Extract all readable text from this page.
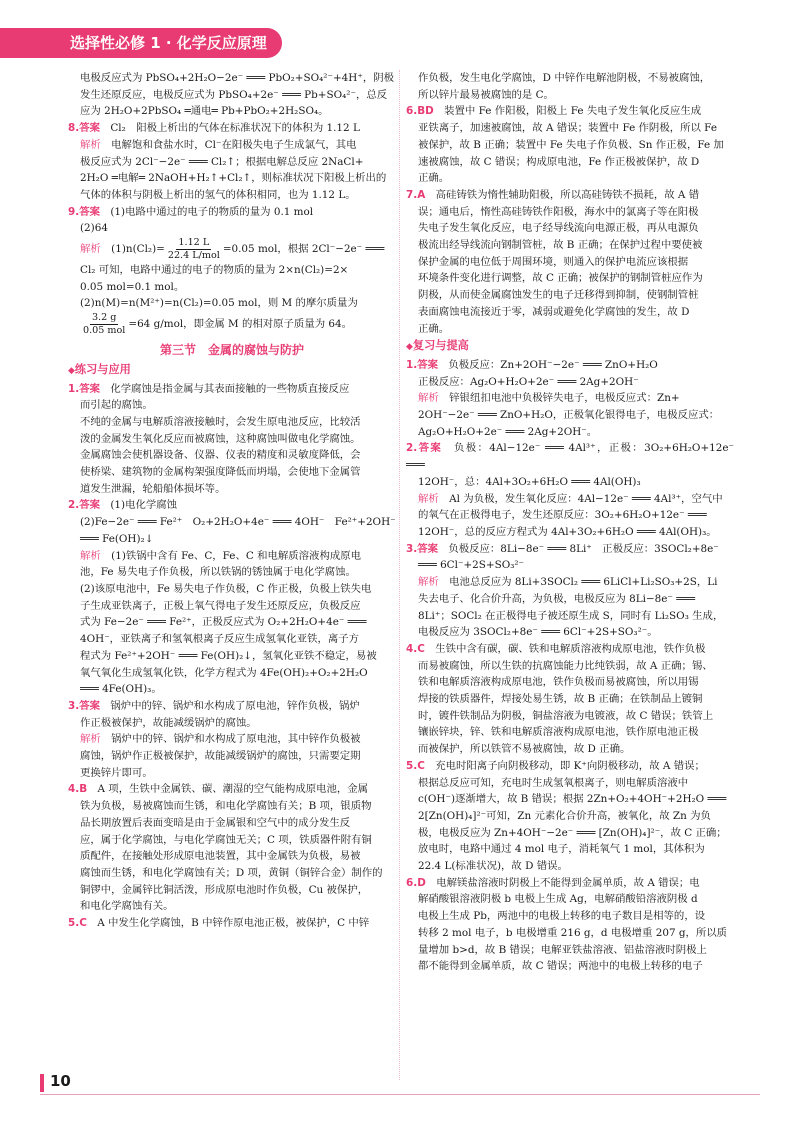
选择性必修 1 · 化学反应原理

电极反应式为 PbSO₄+2H₂O−2e⁻ ═══ PbO₂+SO₄²⁻+4H⁺，阴极

发生还原反应，电极反应式为 PbSO₄+2e⁻ ═══ Pb+SO₄²⁻，总反

应为 2H₂O+2PbSO₄ ═通电═ Pb+PbO₂+2H₂SO₄。

8.答案　 Cl₂　阳极上析出的气体在标准状况下的体积为 1.12 L

解析　 电解饱和食盐水时，Cl⁻在阳极失电子生成氯气，其电

极反应式为 2Cl⁻−2e⁻ ═══ Cl₂↑；根据电解总反应 2NaCl+

2H₂O ═电解═ 2NaOH+H₂↑+Cl₂↑，则标准状况下阳极上析出的

气体的体积与阴极上析出的氢气的体积相同，也为 1.12 L。

9.答案　 (1)电路中通过的电子的物质的量为 0.1 mol

(2)64

解析
　 $(1)n(Cl_2)= \frac{1.12 L}{\text{22.4 L/mol}} =0.05$ mol，根据 2Cl⁻−2e⁻ ═══

Cl₂ 可知，电路中通过的电子的物质的量为 2×n(Cl₂)=2×

0.05 mol=0.1 mol。

(2)n(M)=n(M²⁺)=n(Cl₂)=0.05 mol，则 M 的摩尔质量为

$\frac{3.2 g}{\text{0.05 mol}} =64$ g/mol，即金属 M 的相对原子质量为 64。
第三节　金属的腐蚀与防护
◆练习与应用

1.答案　 化学腐蚀是指金属与其表面接触的一些物质直接反应

而引起的腐蚀。

不纯的金属与电解质溶液接触时，会发生原电池反应，比较活

泼的金属发生氧化反应而被腐蚀，这种腐蚀叫做电化学腐蚀。

金属腐蚀会使机器设备、仪器、仪表的精度和灵敏度降低，会

使桥梁、建筑物的金属构架强度降低而坍塌，会使地下金属管

道发生泄漏，轮船船体损坏等。

2.答案　 (1)电化学腐蚀

(2)Fe−2e⁻ ═══ Fe²⁺　O₂+2H₂O+4e⁻ ═══ 4OH⁻　Fe²⁺+2OH⁻

═══ Fe(OH)₂↓

解析　 (1)铁锅中含有 Fe、C，Fe、C 和电解质溶液构成原电

池，Fe 易失电子作负极，所以铁锅的锈蚀属于电化学腐蚀。

(2)该原电池中，Fe 易失电子作负极，C 作正极，负极上铁失电

子生成亚铁离子，正极上氧气得电子发生还原反应，负极反应

式为 Fe−2e⁻ ═══ Fe²⁺，正极反应式为 O₂+2H₂O+4e⁻ ═══

4OH⁻，亚铁离子和氢氧根离子反应生成氢氧化亚铁，离子方

程式为 Fe²⁺+2OH⁻ ═══ Fe(OH)₂↓，氢氧化亚铁不稳定，易被

氧气氧化生成氢氧化铁，化学方程式为 4Fe(OH)₂+O₂+2H₂O

═══ 4Fe(OH)₃。

3.答案　 锅炉中的锌、锅炉和水构成了原电池，锌作负极，锅炉

作正极被保护，故能减缓锅炉的腐蚀。

解析　 锅炉中的锌、锅炉和水构成了原电池，其中锌作负极被

腐蚀，锅炉作正极被保护，故能减缓锅炉的腐蚀，只需要定期

更换锌片即可。

4.B　 A 项，生铁中金属铁、碳、潮湿的空气能构成原电池，金属

铁为负极，易被腐蚀而生锈，和电化学腐蚀有关；B 项，银质物

品长期放置后表面变暗是由于金属银和空气中的成分发生反

应，属于化学腐蚀，与电化学腐蚀无关；C 项，铁质器件附有铜

质配件，在接触处形成原电池装置，其中金属铁为负极，易被

腐蚀而生锈，和电化学腐蚀有关；D 项，黄铜（铜锌合金）制作的

铜锣中，金属锌比铜活泼，形成原电池时作负极，Cu 被保护，

和电化学腐蚀有关。

5.C　 A 中发生化学腐蚀，B 中锌作原电池正极，被保护，C 中锌

作负极，发生电化学腐蚀，D 中锌作电解池阴极，不易被腐蚀，

所以锌片最易被腐蚀的是 C。

6.BD　 装置中 Fe 作阳极，阳极上 Fe 失电子发生氧化反应生成

亚铁离子，加速被腐蚀，故 A 错误；装置中 Fe 作阴极，所以 Fe

被保护，故 B 正确；装置中 Fe 失电子作负极、Sn 作正极，Fe 加

速被腐蚀，故 C 错误；构成原电池，Fe 作正极被保护，故 D

正确。

7.A　 高硅铸铁为惰性辅助阳极，所以高硅铸铁不损耗，故 A 错

误；通电后，惰性高硅铸铁作阳极，海水中的氯离子等在阳极

失电子发生氧化反应，电子经导线流向电源正极，再从电源负

极流出经导线流向钢制管桩，故 B 正确；在保护过程中要使被

保护金属的电位低于周围环境，则通入的保护电流应该根据

环境条件变化进行调整，故 C 正确；被保护的钢制管桩应作为

阴极，从而使金属腐蚀发生的电子迁移得到抑制，使钢制管桩

表面腐蚀电流接近于零，减弱或避免化学腐蚀的发生，故 D

正确。

◆复习与提高

1.答案　 负极反应：Zn+2OH⁻−2e⁻ ═══ ZnO+H₂O

正极反应：Ag₂O+H₂O+2e⁻ ═══ 2Ag+2OH⁻

解析　 锌银纽扣电池中负极锌失电子，电极反应式：Zn+

2OH⁻−2e⁻ ═══ ZnO+H₂O，正极氧化银得电子，电极反应式：

Ag₂O+H₂O+2e⁻ ═══ 2Ag+2OH⁻。

2.答案　 负极：4Al−12e⁻ ═══ 4Al³⁺，正极：3O₂+6H₂O+12e⁻ ═══

12OH⁻，总：4Al+3O₂+6H₂O ═══ 4Al(OH)₃

解析　 Al 为负极，发生氧化反应：4Al−12e⁻ ═══ 4Al³⁺，空气中

的氧气在正极得电子，发生还原反应：3O₂+6H₂O+12e⁻ ═══

12OH⁻，总的反应方程式为 4Al+3O₂+6H₂O ═══ 4Al(OH)₃。

3.答案　 负极反应：8Li−8e⁻ ═══ 8Li⁺　正极反应：3SOCl₂+8e⁻

═══ 6Cl⁻+2S+SO₃²⁻

解析　 电池总反应为 8Li+3SOCl₂ ═══ 6LiCl+Li₂SO₃+2S，Li

失去电子、化合价升高，为负极，电极反应为 8Li−8e⁻ ═══

8Li⁺；SOCl₂ 在正极得电子被还原生成 S，同时有 Li₂SO₃ 生成，

电极反应为 3SOCl₂+8e⁻ ═══ 6Cl⁻+2S+SO₃²⁻。

4.C　 生铁中含有碳，碳、铁和电解质溶液构成原电池，铁作负极

而易被腐蚀，所以生铁的抗腐蚀能力比纯铁弱，故 A 正确；锡、

铁和电解质溶液构成原电池，铁作负极而易被腐蚀，所以用锡

焊接的铁质器件，焊接处易生锈，故 B 正确；在铁制品上镀铜

时，镀件铁制品为阴极，铜盐溶液为电镀液，故 C 错误；铁管上

镶嵌锌块，锌、铁和电解质溶液构成原电池，铁作原电池正极

而被保护，所以铁管不易被腐蚀，故 D 正确。

5.C　 充电时阳离子向阴极移动，即 K⁺向阴极移动，故 A 错误；

根据总反应可知，充电时生成氢氧根离子，则电解质溶液中

c(OH⁻)逐渐增大，故 B 错误；根据 2Zn+O₂+4OH⁻+2H₂O ═══

2[Zn(OH)₄]²⁻可知，Zn 元素化合价升高，被氧化，故 Zn 为负

极，电极反应为 Zn+4OH⁻−2e⁻ ═══ [Zn(OH)₄]²⁻，故 C 正确；

放电时，电路中通过 4 mol 电子，消耗氧气 1 mol，其体积为

22.4 L(标准状况)，故 D 错误。

6.D　 电解镁盐溶液时阴极上不能得到金属单质，故 A 错误；电

解硝酸银溶液阴极 b 电极上生成 Ag，电解硝酸铅溶液阴极 d

电极上生成 Pb，两池中的电极上转移的电子数目是相等的，设

转移 2 mol 电子，b 电极增重 216 g，d 电极增重 207 g，所以质

量增加 b>d，故 B 错误；电解亚铁盐溶液、铝盐溶液时阴极上

都不能得到金属单质，故 C 错误；两池中的电极上转移的电子

10
